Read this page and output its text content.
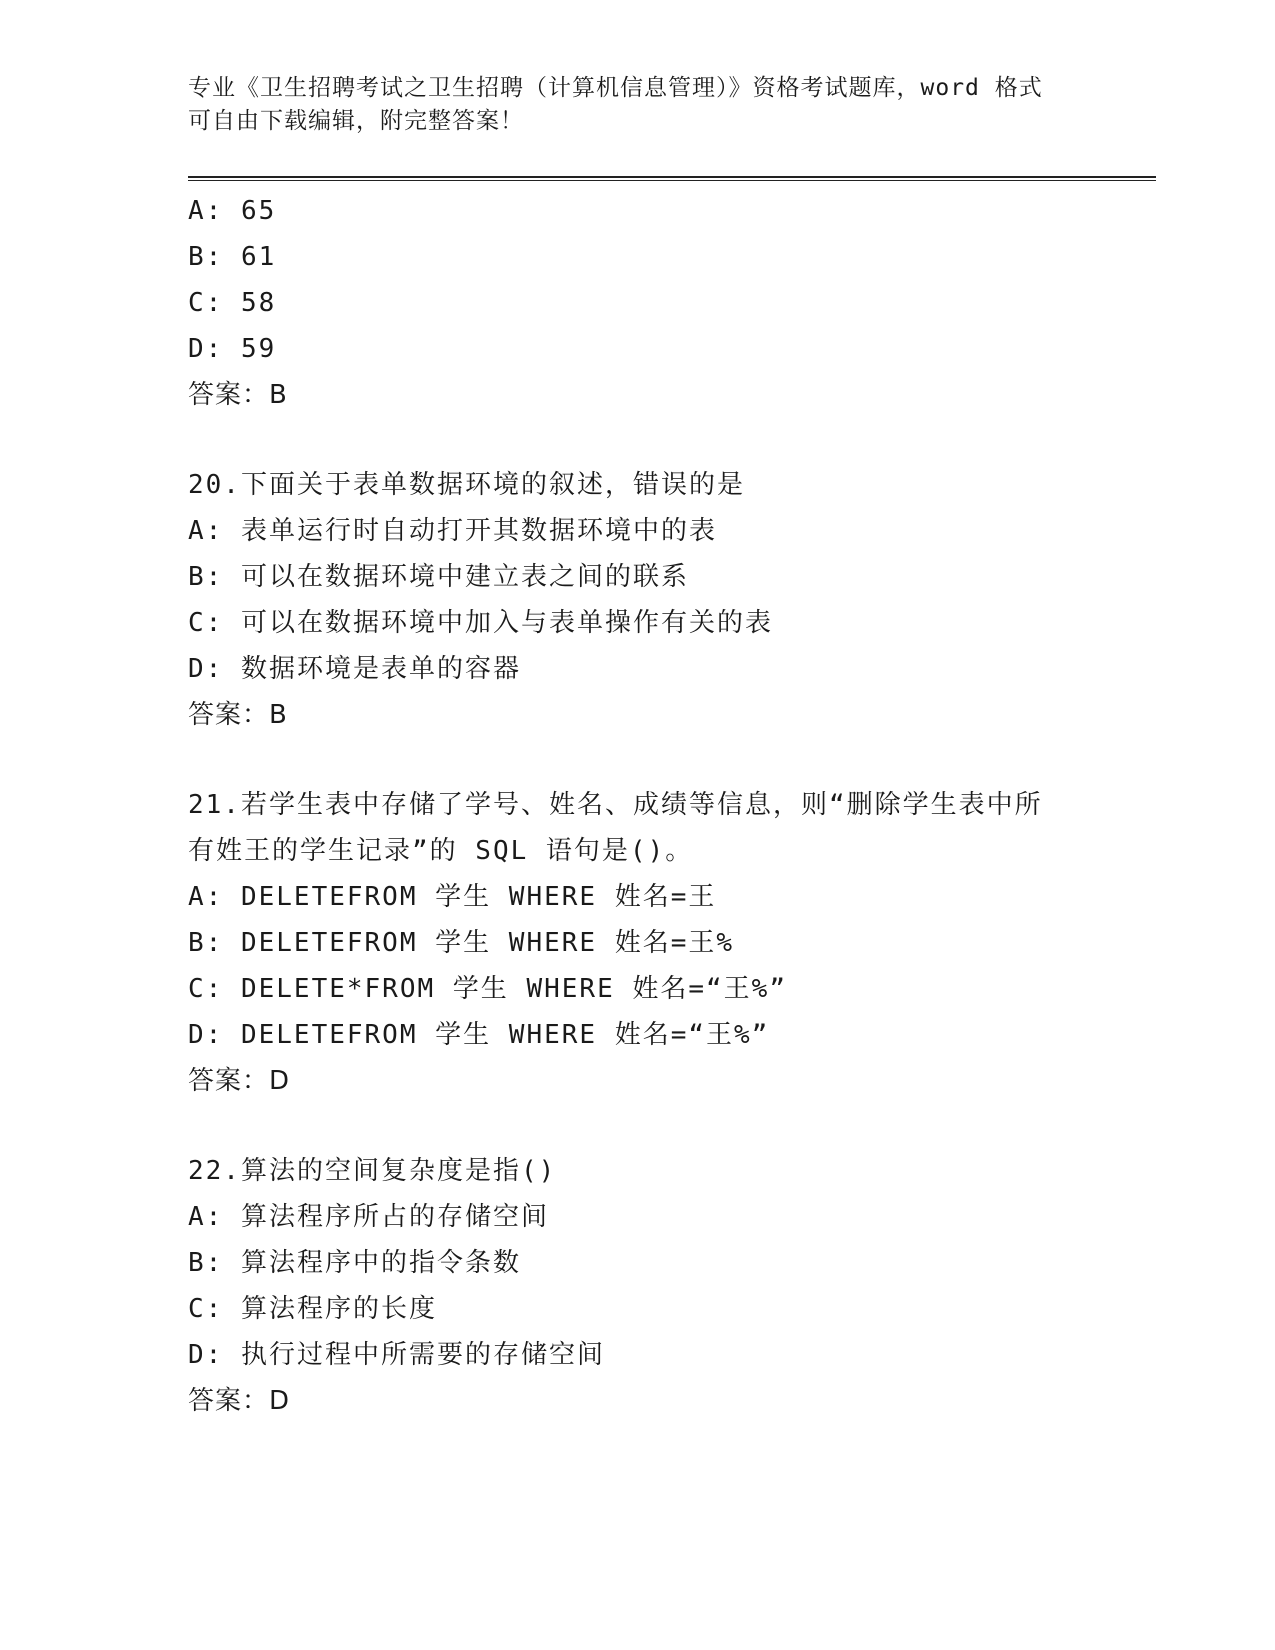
专业《卫生招聘考试之卫生招聘（计算机信息管理）》资格考试题库，word 格式
可自由下载编辑，附完整答案！
A: 65
B: 61
C: 58
D: 59
答案：B
20.下面关于表单数据环境的叙述，错误的是
A: 表单运行时自动打开其数据环境中的表
B: 可以在数据环境中建立表之间的联系
C: 可以在数据环境中加入与表单操作有关的表
D: 数据环境是表单的容器
答案：B
21.若学生表中存储了学号、姓名、成绩等信息，则“删除学生表中所
有姓王的学生记录”的 SQL 语句是()。
A: DELETEFROM 学生 WHERE 姓名=王
B: DELETEFROM 学生 WHERE 姓名=王%
C: DELETE*FROM 学生 WHERE 姓名=“王%”
D: DELETEFROM 学生 WHERE 姓名=“王%”
答案：D
22.算法的空间复杂度是指()
A: 算法程序所占的存储空间
B: 算法程序中的指令条数
C: 算法程序的长度
D: 执行过程中所需要的存储空间
答案：D
